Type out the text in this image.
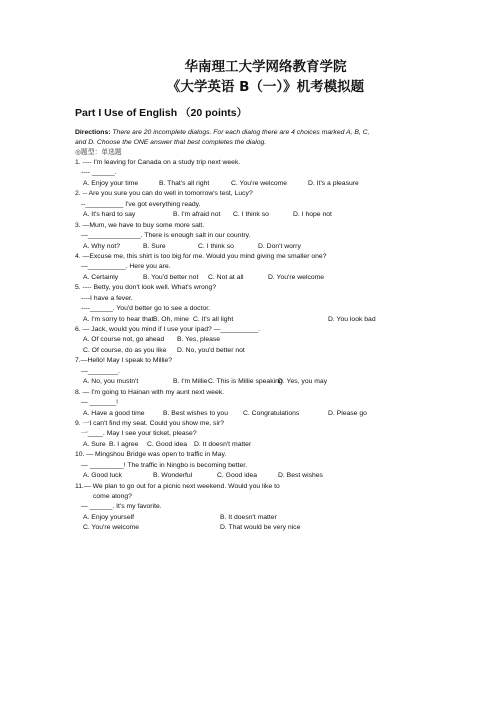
华南理工大学网络教育学院
《大学英语 B（一）》机考模拟题
Part I Use of English （20 points）
Directions: There are 20 incomplete dialogs. For each dialog there are 4 choices marked A, B, C,
and D. Choose the ONE answer that best completes the dialog.
◎题型：单选题
1. ---- I'm leaving for Canada on a study trip next week.
---- ______.
A. Enjoy your time	B. That's all right	C. You're welcome	D. It's a pleasure
2. -- Are you sure you can do well in tomorrow's test, Lucy?
--__________ I've got everything ready.
A. It's hard to say	B. I'm afraid not C. I think so	D. I hope not
3. —Mum, we have to buy some more salt.
—______________. There is enough salt in our country.
A. Why not?	B. Sure	C. I think so	D. Don't worry
4. —Excuse me, this shirt is too big for me. Would you mind giving me smaller one?
—__________. Here you are.
A. Certainly	B. You'd better not C. Not at all	D. You're welcome
5. ---- Betty, you don't look well. What's wrong?
----I have a fever.
----______. You'd better go to see a doctor.
A. I'm sorry to hear that B. Oh, mine C. It's all light	D. You look bad
6. — Jack, would you mind if I use your ipad? —__________.
A. Of course not, go ahead B. Yes, please
C. Of course, do as you like D. No, you'd better not
7.—Hello! May I speak to Millie?
—________.
A. No, you mustn't	B. I'm Millie C. This is Millie speaking
D. Yes, you may
8. — I'm going to Hainan with my aunt next week.
— _______!
A. Have a good time	B. Best wishes to you C. Congratulations	D. Please go
9. 一I can't find my seat. Could you show me, sir?
一____. May I see your ticket, please?
A. Sure B. I agree C. Good idea D. It doesn't matter
10. — Mingshou Bridge was open to traffic in May.
— _________! The traffic in Ningbo is becoming better.
A. Good luck	B. Wonderful	C. Good idea	D. Best wishes
11.— We plan to go out for a picnic next weekend. Would you like to
come along?
— ______. It's my favorite.
A. Enjoy yourself	B. It doesn't matter
C. You're welcome	D. That would be very nice
